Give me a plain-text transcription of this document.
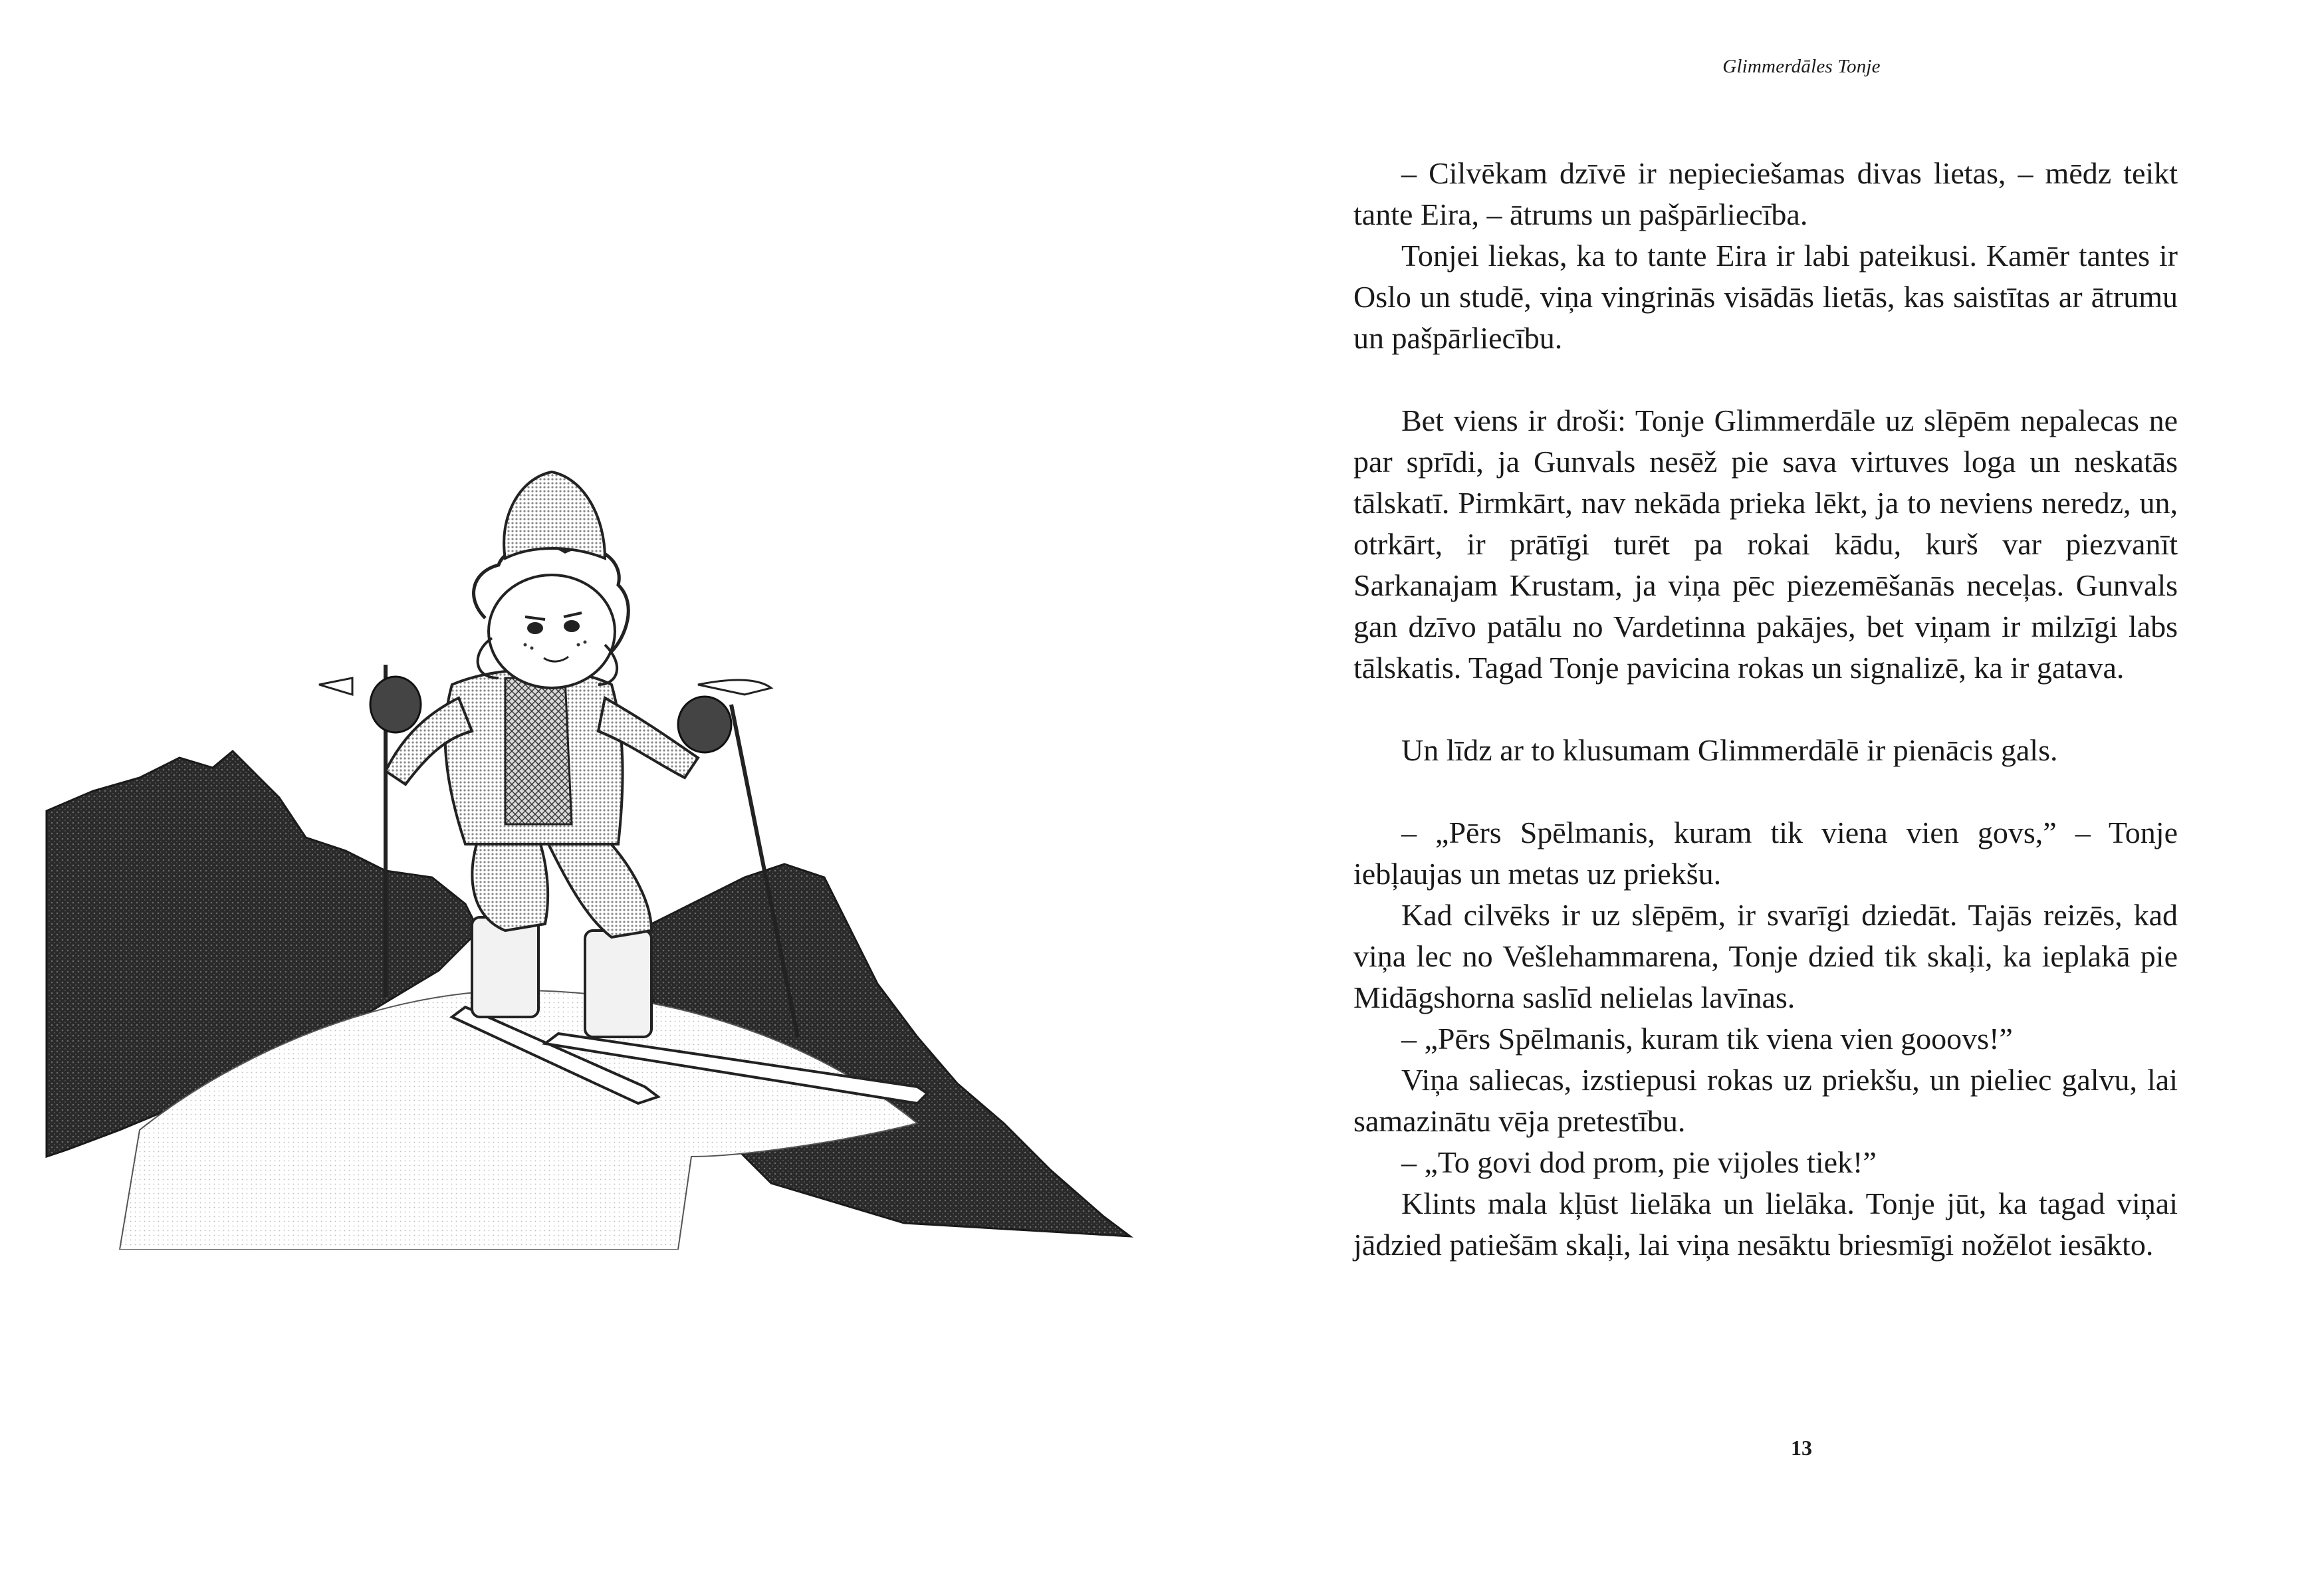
Glimmerdāles Tonje

– Cilvēkam dzīvē ir nepieciešamas divas lietas, – mēdz teikt tante Eira, – ātrums un pašpārliecība.

Tonjei liekas, ka to tante Eira ir labi pateikusi. Kamēr tantes ir Oslo un studē, viņa vingrinās visādās lietās, kas saistītas ar ātrumu un pašpārliecību.

Bet viens ir droši: Tonje Glimmerdāle uz slēpēm nepalecas ne par sprīdi, ja Gunvals nesēž pie sava virtuves loga un neskatās tālskatī. Pirmkārt, nav nekāda prieka lēkt, ja to neviens neredz, un, otrkārt, ir prātīgi turēt pa rokai kādu, kurš var piezvanīt Sarkanajam Krustam, ja viņa pēc piezemēšanās neceļas. Gunvals gan dzīvo patālu no Vardetinna pakājes, bet viņam ir milzīgi labs tālskatis. Tagad Tonje pavicina rokas un signalizē, ka ir gatava.

Un līdz ar to klusumam Glimmerdālē ir pienācis gals.

– „Pērs Spēlmanis, kuram tik viena vien govs,” – Tonje iebļaujas un metas uz priekšu.

Kad cilvēks ir uz slēpēm, ir svarīgi dziedāt. Tajās reizēs, kad viņa lec no Vešlehammarena, Tonje dzied tik skaļi, ka ieplakā pie Midāgshorna saslīd nelielas lavīnas.

– „Pērs Spēlmanis, kuram tik viena vien gooovs!”

Viņa saliecas, izstiepusi rokas uz priekšu, un pieliec galvu, lai samazinātu vēja pretestību.

– „To govi dod prom, pie vijoles tiek!”

Klints mala kļūst lielāka un lielāka. Tonje jūt, ka tagad viņai jādzied patiešām skaļi, lai viņa nesāktu briesmīgi nožēlot iesākto.

13
